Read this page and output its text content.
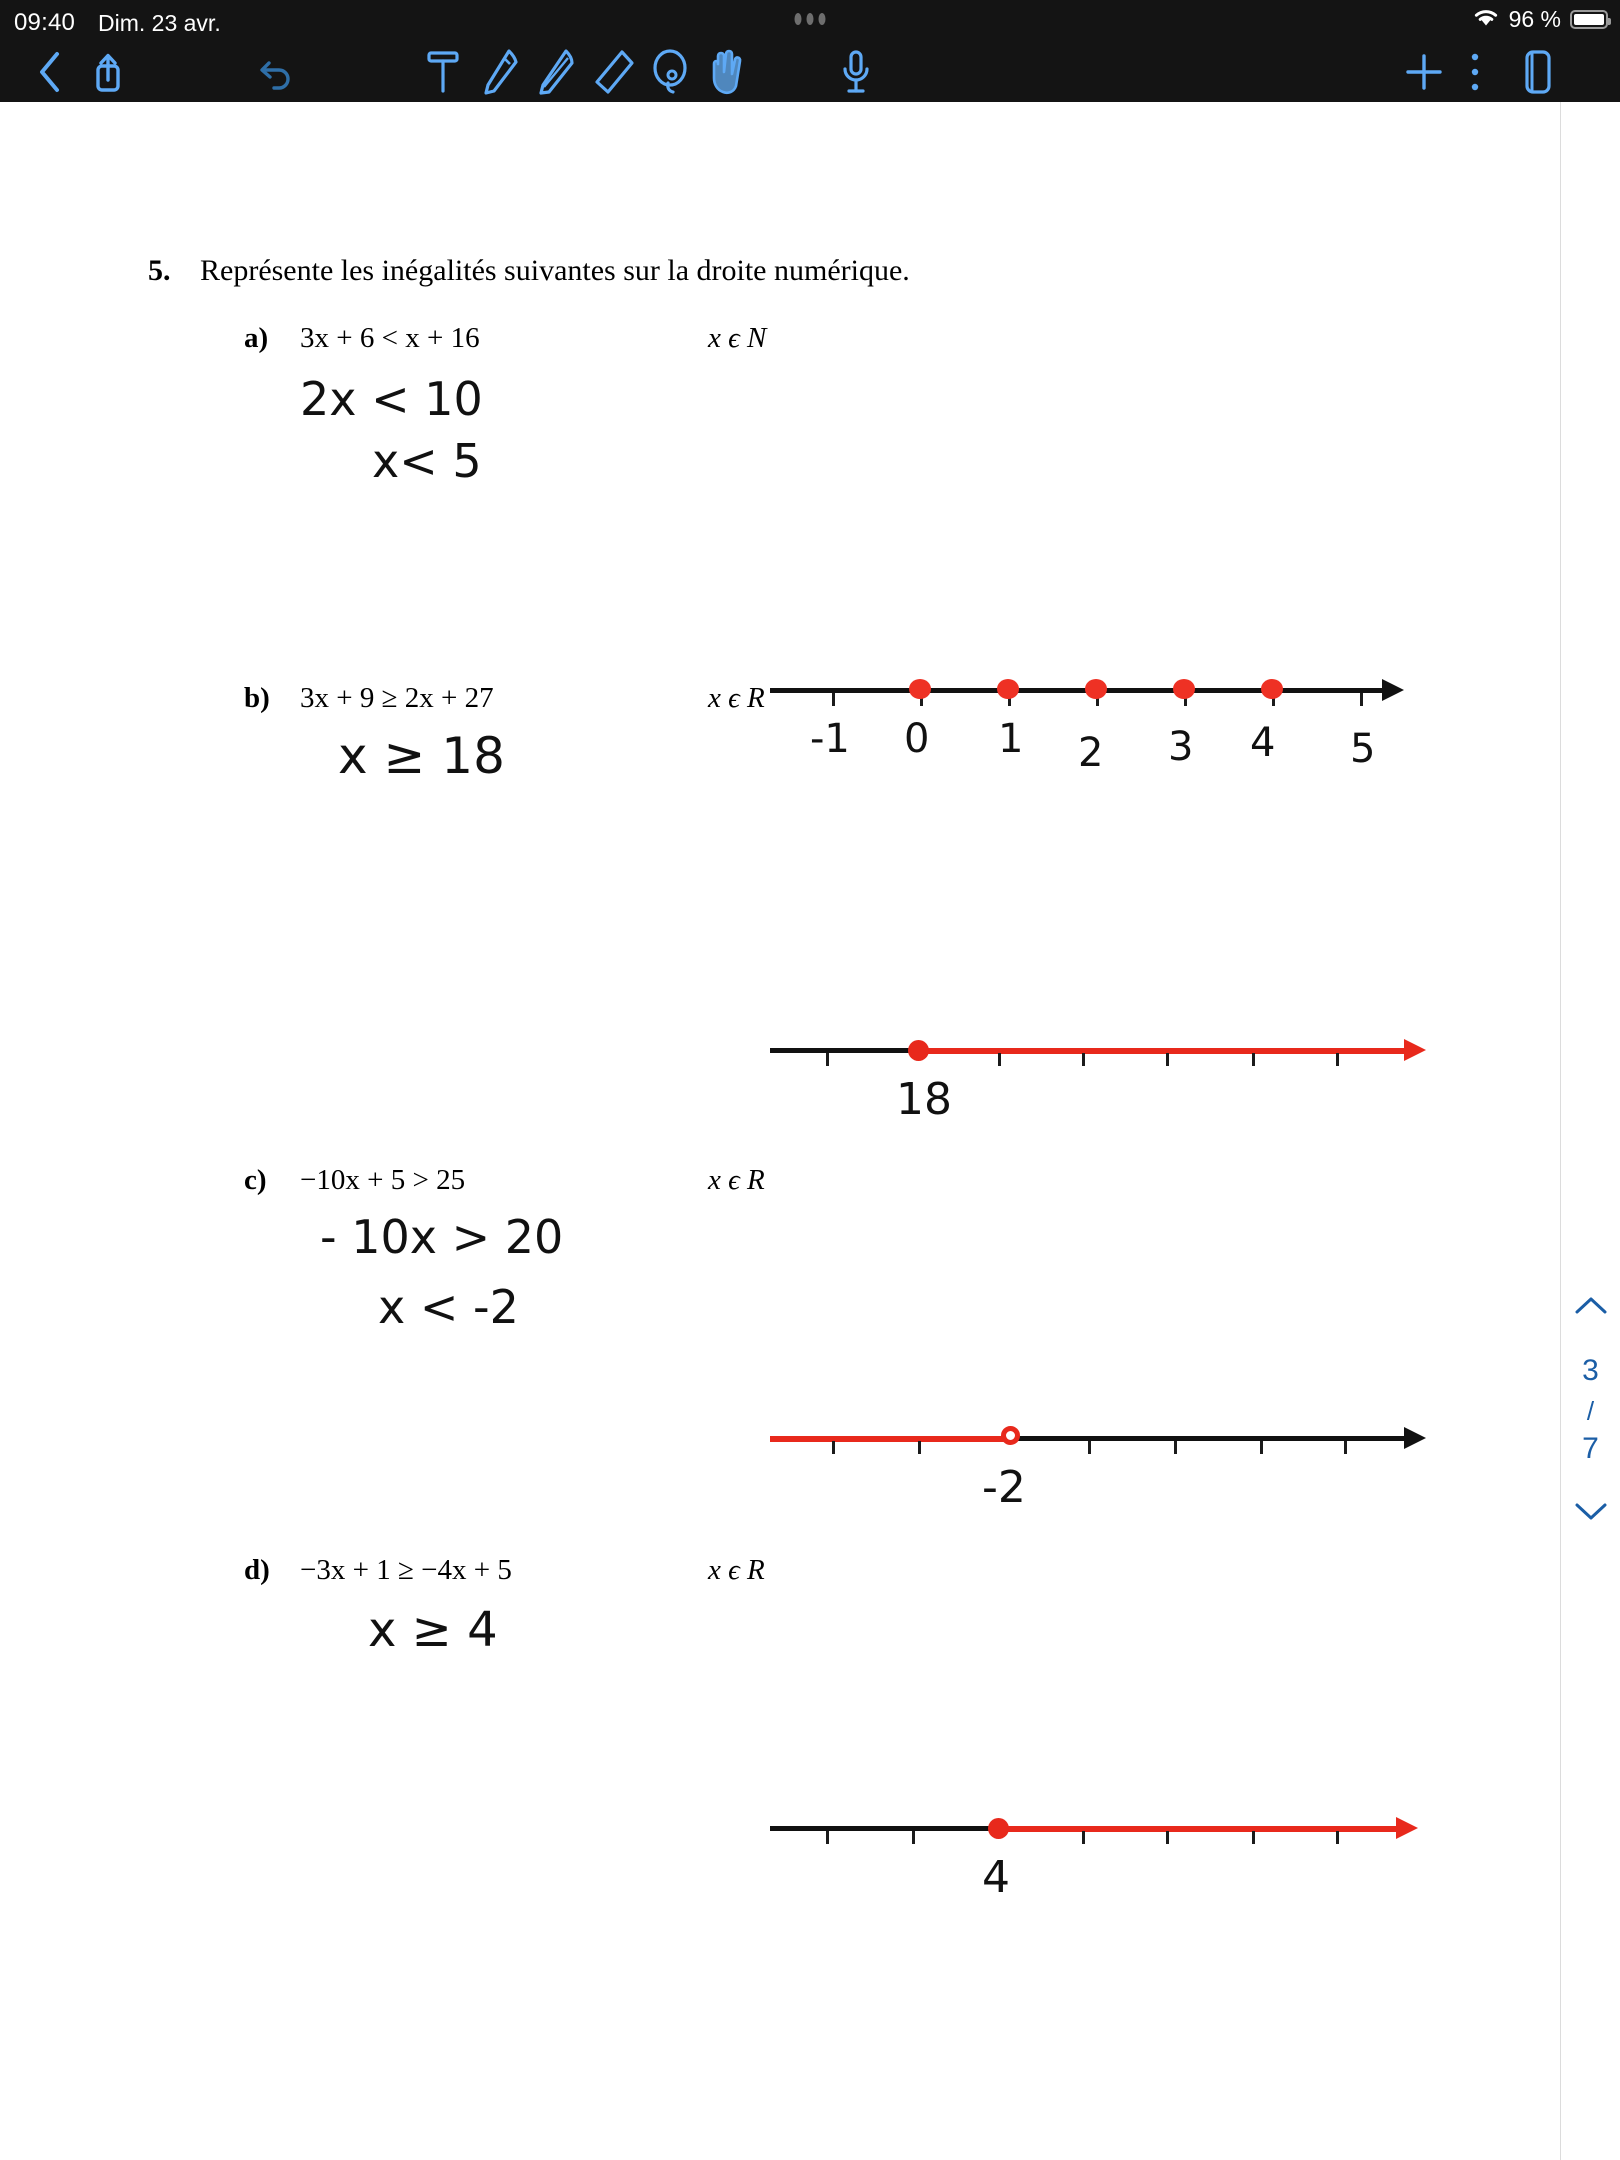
09:40 Dim. 23 avr.	96 %
5. Représente les inégalités suivantes sur la droite numérique.
a) 3x + 6 < x + 16	x ϵ N
2x < 10
x< 5
-1 0 1 2 3 4 5
b) 3x + 9 ≥ 2x + 27	x ϵ R
x ≥ 18
18
c) −10x + 5 > 25	x ϵ R
- 10x > 20
x < -2
-2
d) −3x + 1 ≥ −4x + 5	x ϵ R
x ≥ 4
4
3
/
7
